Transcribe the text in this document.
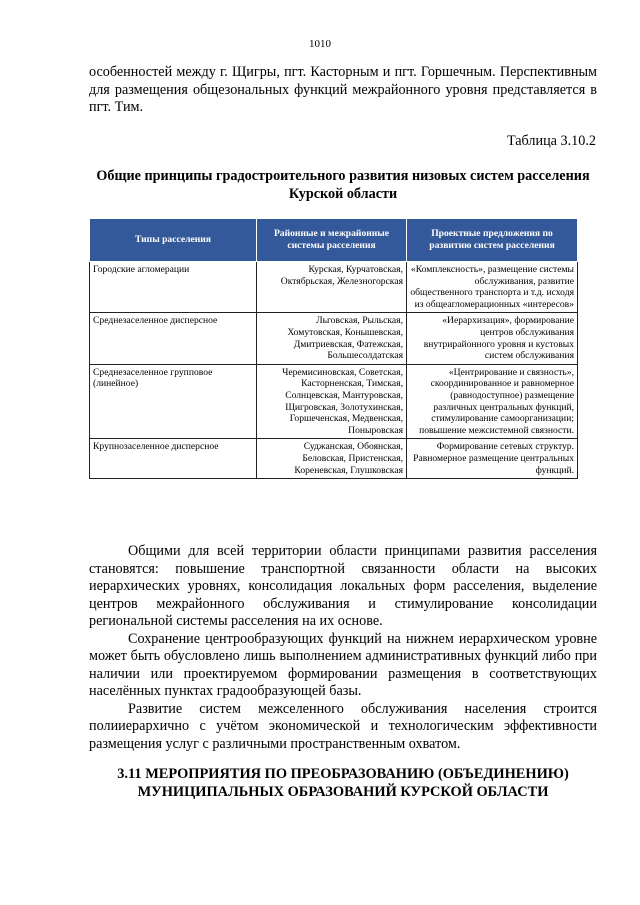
1010
особенностей между г. Щигры, пгт. Касторным и пгт. Горшечным. Перспективным для размещения общезональных функций межрайонного уровня представляется в пгт. Тим.
Таблица 3.10.2
Общие принципы градостроительного развития низовых систем расселения Курской области
Типы расселения	Районные и межрайонные системы расселения	Проектные предложения по развитию систем расселения
Городские агломерации	Курская, Курчатовская, Октябрьская, Железногорская	«Комплексность», размещение системы обслуживания, развитие общественного транспорта и т.д. исходя из общеагломерационных «интересов»
Среднезаселенное дисперсное	Льговская, Рыльская, Хомутовская, Конышевская, Дмитриевская, Фатежская, Большесолдатская	«Иерархизация», формирование центров обслуживания внутрирайонного уровня и кустовых систем обслуживания
Среднезаселенное групповое (линейное)	Черемисиновская, Советская, Касторненская, Тимская, Солнцевская, Мантуровская, Щигровская, Золотухинская, Горшеченская, Медвенская, Поныровская	«Центрирование и связность», скоординированное и равномерное (равнодоступное) размещение различных центральных функций, стимулирование самоорганизации; повышение межсистемной связности.
Крупнозаселенное дисперсное	Суджанская, Обоянская, Беловская, Пристенская, Кореневская, Глушковская	Формирование сетевых структур. Равномерное размещение центральных функций.
Общими для всей территории области принципами развития расселения становятся: повышение транспортной связанности области на высоких иерархических уровнях, консолидация локальных форм расселения, выделение центров межрайонного обслуживания и стимулирование консолидации региональной системы расселения на их основе.
Сохранение центрообразующих функций на нижнем иерархическом уровне может быть обусловлено лишь выполнением административных функций либо при наличии или проектируемом формировании размещения в соответствующих населённых пунктах градообразующей базы.
Развитие систем межселенного обслуживания населения строится полииерархично с учётом экономической и технологическим эффективности размещения услуг с различными пространственным охватом.
3.11 МЕРОПРИЯТИЯ ПО ПРЕОБРАЗОВАНИЮ (ОБЪЕДИНЕНИЮ) МУНИЦИПАЛЬНЫХ ОБРАЗОВАНИЙ КУРСКОЙ ОБЛАСТИ
